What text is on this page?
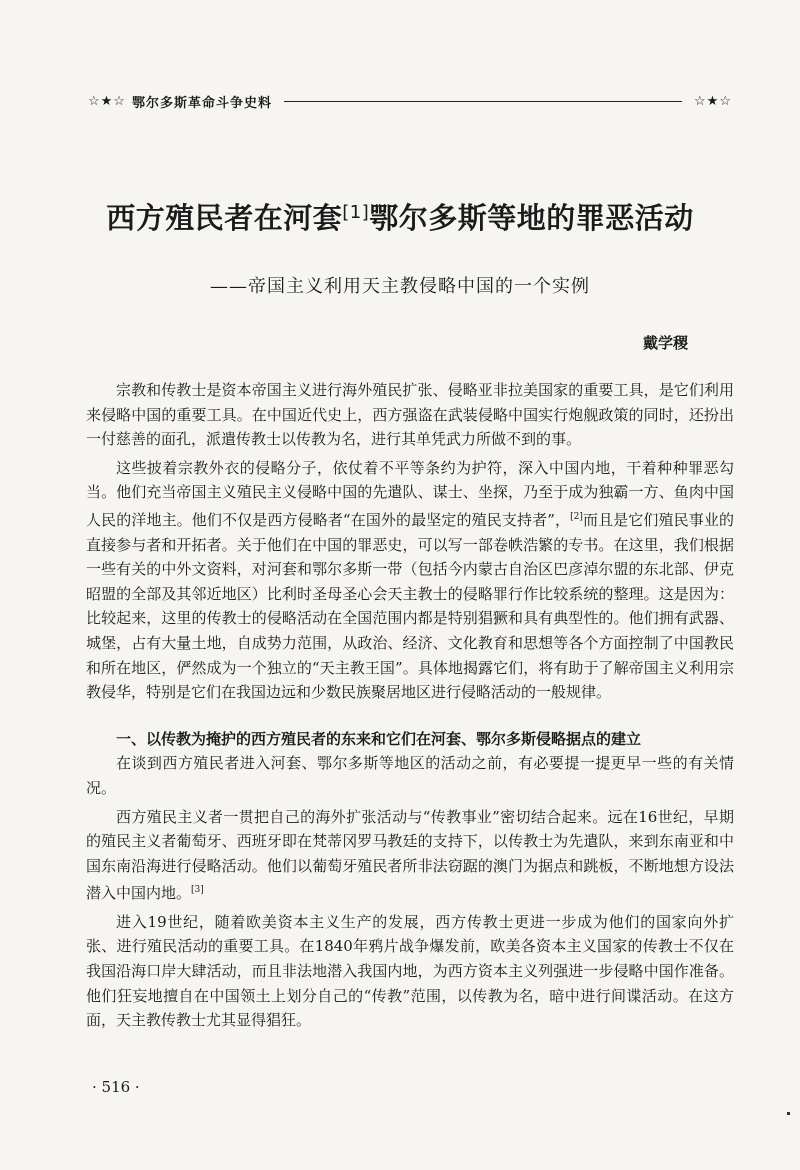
☆★☆ 鄂尔多斯革命斗争史料	☆★☆
西方殖民者在河套[1]鄂尔多斯等地的罪恶活动
——帝国主义利用天主教侵略中国的一个实例
戴学稷

宗教和传教士是资本帝国主义进行海外殖民扩张、侵略亚非拉美国家的重要工具，是它们利用来侵略中国的重要工具。在中国近代史上，西方强盗在武装侵略中国实行炮舰政策的同时，还扮出一付慈善的面孔，派遣传教士以传教为名，进行其单凭武力所做不到的事。

这些披着宗教外衣的侵略分子，依仗着不平等条约为护符，深入中国内地，干着种种罪恶勾当。他们充当帝国主义殖民主义侵略中国的先遣队、谋士、坐探，乃至于成为独霸一方、鱼肉中国人民的洋地主。他们不仅是西方侵略者“在国外的最坚定的殖民支持者”，[2]而且是它们殖民事业的直接参与者和开拓者。关于他们在中国的罪恶史，可以写一部卷帙浩繁的专书。在这里，我们根据一些有关的中外文资料，对河套和鄂尔多斯一带（包括今内蒙古自治区巴彦淖尔盟的东北部、伊克昭盟的全部及其邻近地区）比利时圣母圣心会天主教士的侵略罪行作比较系统的整理。这是因为：比较起来，这里的传教士的侵略活动在全国范围内都是特别猖獗和具有典型性的。他们拥有武器、城堡，占有大量土地，自成势力范围，从政治、经济、文化教育和思想等各个方面控制了中国教民和所在地区，俨然成为一个独立的“天主教王国”。具体地揭露它们，将有助于了解帝国主义利用宗教侵华，特别是它们在我国边远和少数民族聚居地区进行侵略活动的一般规律。

一、以传教为掩护的西方殖民者的东来和它们在河套、鄂尔多斯侵略据点的建立

在谈到西方殖民者进入河套、鄂尔多斯等地区的活动之前，有必要提一提更早一些的有关情况。

西方殖民主义者一贯把自己的海外扩张活动与“传教事业”密切结合起来。远在16世纪，早期的殖民主义者葡萄牙、西班牙即在梵蒂冈罗马教廷的支持下，以传教士为先遣队，来到东南亚和中国东南沿海进行侵略活动。他们以葡萄牙殖民者所非法窃踞的澳门为据点和跳板，不断地想方设法潜入中国内地。[3]

进入19世纪，随着欧美资本主义生产的发展，西方传教士更进一步成为他们的国家向外扩张、进行殖民活动的重要工具。在1840年鸦片战争爆发前，欧美各资本主义国家的传教士不仅在我国沿海口岸大肆活动，而且非法地潜入我国内地，为西方资本主义列强进一步侵略中国作准备。他们狂妄地擅自在中国领土上划分自己的“传教”范围，以传教为名，暗中进行间谍活动。在这方面，天主教传教士尤其显得猖狂。

· 516 ·
